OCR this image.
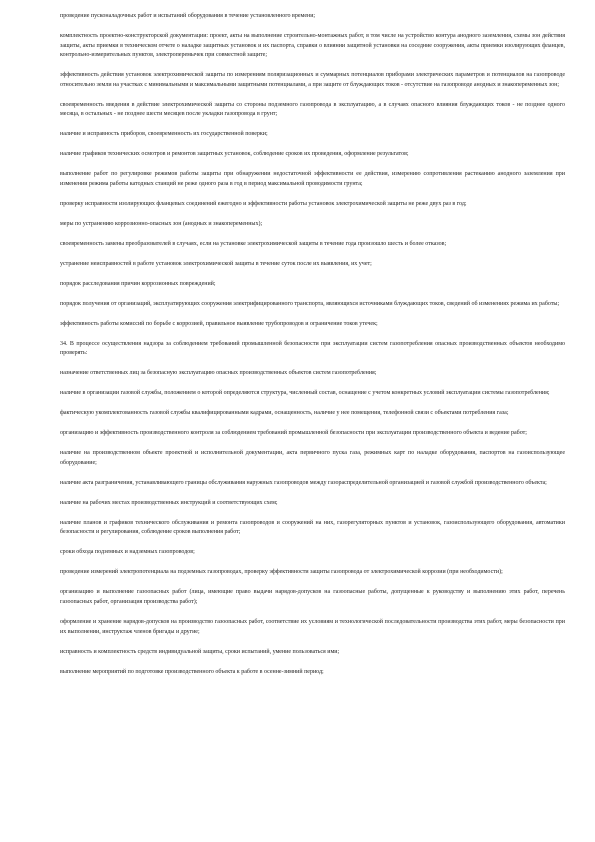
проведение пусконаладочных работ и испытаний оборудования в течение установленного времени;

комплектность проектно-конструкторской документации: проект, акты на выполнение строительно-монтажных работ, в том числе на устройство контура анодного заземления, схемы зон действия защиты, акты приемки в техническом отчете о наладке защитных установок и их паспорта, справки о влиянии защитной установки на соседние сооружения, акты приемки изолирующих фланцев, контрольно-измерительных пунктов, электроперемычек при совместной защите;

эффективность действия установок электрохимической защиты по измерениям поляризационных и суммарных потенциалов приборами электрических параметров и потенциалов на газопроводе относительно земли на участках с минимальными и максимальными защитными потенциалами, а при защите от блуждающих токов - отсутствие на газопроводе анодных и знакопеременных зон;

своевременность введения в действие электрохимической защиты со стороны подземного газопровода в эксплуатацию, а в случаях опасного влияния блуждающих токов - не позднее одного месяца, в остальных - не позднее шести месяцев после укладки газопровода в грунт;

наличие и исправность приборов, своевременность их государственной поверки;

наличие графиков технических осмотров и ремонтов защитных установок, соблюдение сроков их проведения, оформление результатов;

выполнение работ по регулировке режимов работы защиты при обнаружении недостаточной эффективности ее действия, измерению сопротивления растеканию анодного заземления при изменении режима работы катодных станций не реже одного раза в год в период максимальной проводимости грунта;

проверку исправности изолирующих фланцевых соединений ежегодно и эффективности работы установок электрохимической защиты не реже двух раз в год;

меры по устранению коррозионно-опасных зон (анодных и знакопеременных);

своевременность замены преобразователей в случаях, если на установке электрохимической защиты в течение года произошло шесть и более отказов;

устранение неисправностей в работе установок электрохимической защиты в течение суток после их выявления, их учет;

порядок расследования причин коррозионных повреждений;

порядок получения от организаций, эксплуатирующих сооружения электрифицированного транспорта, являющихся источниками блуждающих токов, сведений об изменениях режима их работы;

эффективность работы комиссий по борьбе с коррозией, правильное выявление трубопроводов и ограничение токов утечек;

34. В процессе осуществления надзора за соблюдением требований промышленной безопасности при эксплуатации систем газопотребления опасных производственных объектов необходимо проверять:

назначение ответственных лиц за безопасную эксплуатацию опасных производственных объектов систем газопотребления;

наличие в организации газовой службы, положением о которой определяются структура, численный состав, оснащение с учетом конкретных условий эксплуатации системы газопотребления;

фактическую укомплектованность газовой службы квалифицированными кадрами, оснащенность, наличие у нее помещения, телефонной связи с объектами потребления газа;

организацию и эффективность производственного контроля за соблюдением требований промышленной безопасности при эксплуатации производственного объекта и ведение работ;

наличие на производственном объекте проектной и исполнительной документации, акта первичного пуска газа, режимных карт по наладке оборудования, паспортов на газоиспользующее оборудование;

наличие акта разграничения, устанавливающего границы обслуживания наружных газопроводов между газораспределительной организацией и газовой службой производственного объекта;

наличие на рабочих местах производственных инструкций и соответствующих схем;

наличие планов и графиков технического обслуживания и ремонта газопроводов и сооружений на них, газорегуляторных пунктов и установок, газоиспользующего оборудования, автоматики безопасности и регулирования, соблюдение сроков выполнения работ;

сроки обхода подземных и надземных газопроводов;

проведение измерений электропотенциала на подземных газопроводах, проверку эффективности защиты газопровода от электрохимической коррозии (при необходимости);

организацию и выполнение газоопасных работ (лица, имеющие право выдачи нарядов-допусков на газоопасные работы, допущенные к руководству и выполнению этих работ, перечень газоопасных работ, организация производства работ);

оформление и хранение нарядов-допусков на производство газоопасных работ, соответствие их условиям и технологической последовательности производства этих работ, меры безопасности при их выполнении, инструктаж членов бригады и другие;

исправность и комплектность средств индивидуальной защиты, сроки испытаний, умение пользоваться ими;

выполнение мероприятий по подготовке производственного объекта к работе в осенне-зимний период;
